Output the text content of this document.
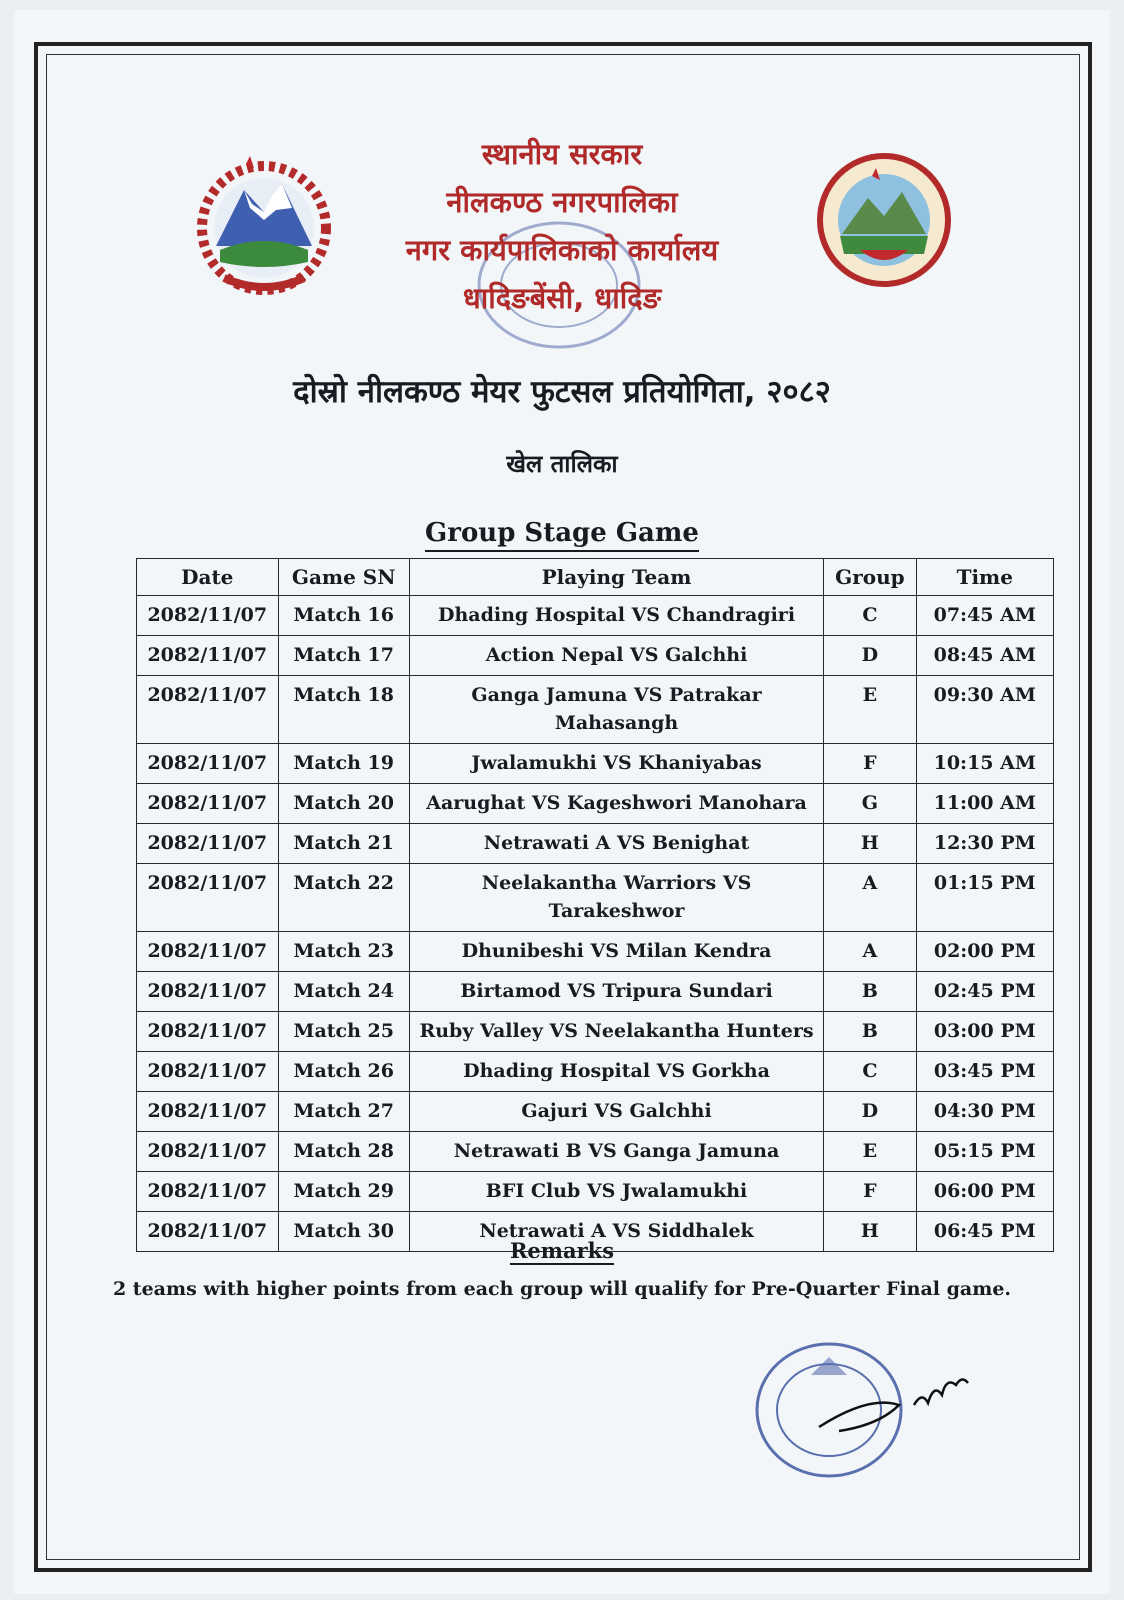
स्थानीय सरकार
नीलकण्ठ नगरपालिका
नगर कार्यपालिकाको कार्यालय
धादिङबेंसी, धादिङ
दोस्रो नीलकण्ठ मेयर फुटसल प्रतियोगिता, २०८२
खेल तालिका
Group Stage Game
Date	Game SN	Playing Team	Group	Time
2082/11/07	Match 16	Dhading Hospital VS Chandragiri	C	07:45 AM
2082/11/07	Match 17	Action Nepal VS Galchhi	D	08:45 AM
2082/11/07	Match 18	Ganga Jamuna VS Patrakar Mahasangh	E	09:30 AM
2082/11/07	Match 19	Jwalamukhi VS Khaniyabas	F	10:15 AM
2082/11/07	Match 20	Aarughat VS Kageshwori Manohara	G	11:00 AM
2082/11/07	Match 21	Netrawati A VS Benighat	H	12:30 PM
2082/11/07	Match 22	Neelakantha Warriors VS Tarakeshwor	A	01:15 PM
2082/11/07	Match 23	Dhunibeshi VS Milan Kendra	A	02:00 PM
2082/11/07	Match 24	Birtamod VS Tripura Sundari	B	02:45 PM
2082/11/07	Match 25	Ruby Valley VS Neelakantha Hunters	B	03:00 PM
2082/11/07	Match 26	Dhading Hospital VS Gorkha	C	03:45 PM
2082/11/07	Match 27	Gajuri VS Galchhi	D	04:30 PM
2082/11/07	Match 28	Netrawati B VS Ganga Jamuna	E	05:15 PM
2082/11/07	Match 29	BFI Club VS Jwalamukhi	F	06:00 PM
2082/11/07	Match 30	Netrawati A VS Siddhalek	H	06:45 PM
Remarks
2 teams with higher points from each group will qualify for Pre-Quarter Final game.
